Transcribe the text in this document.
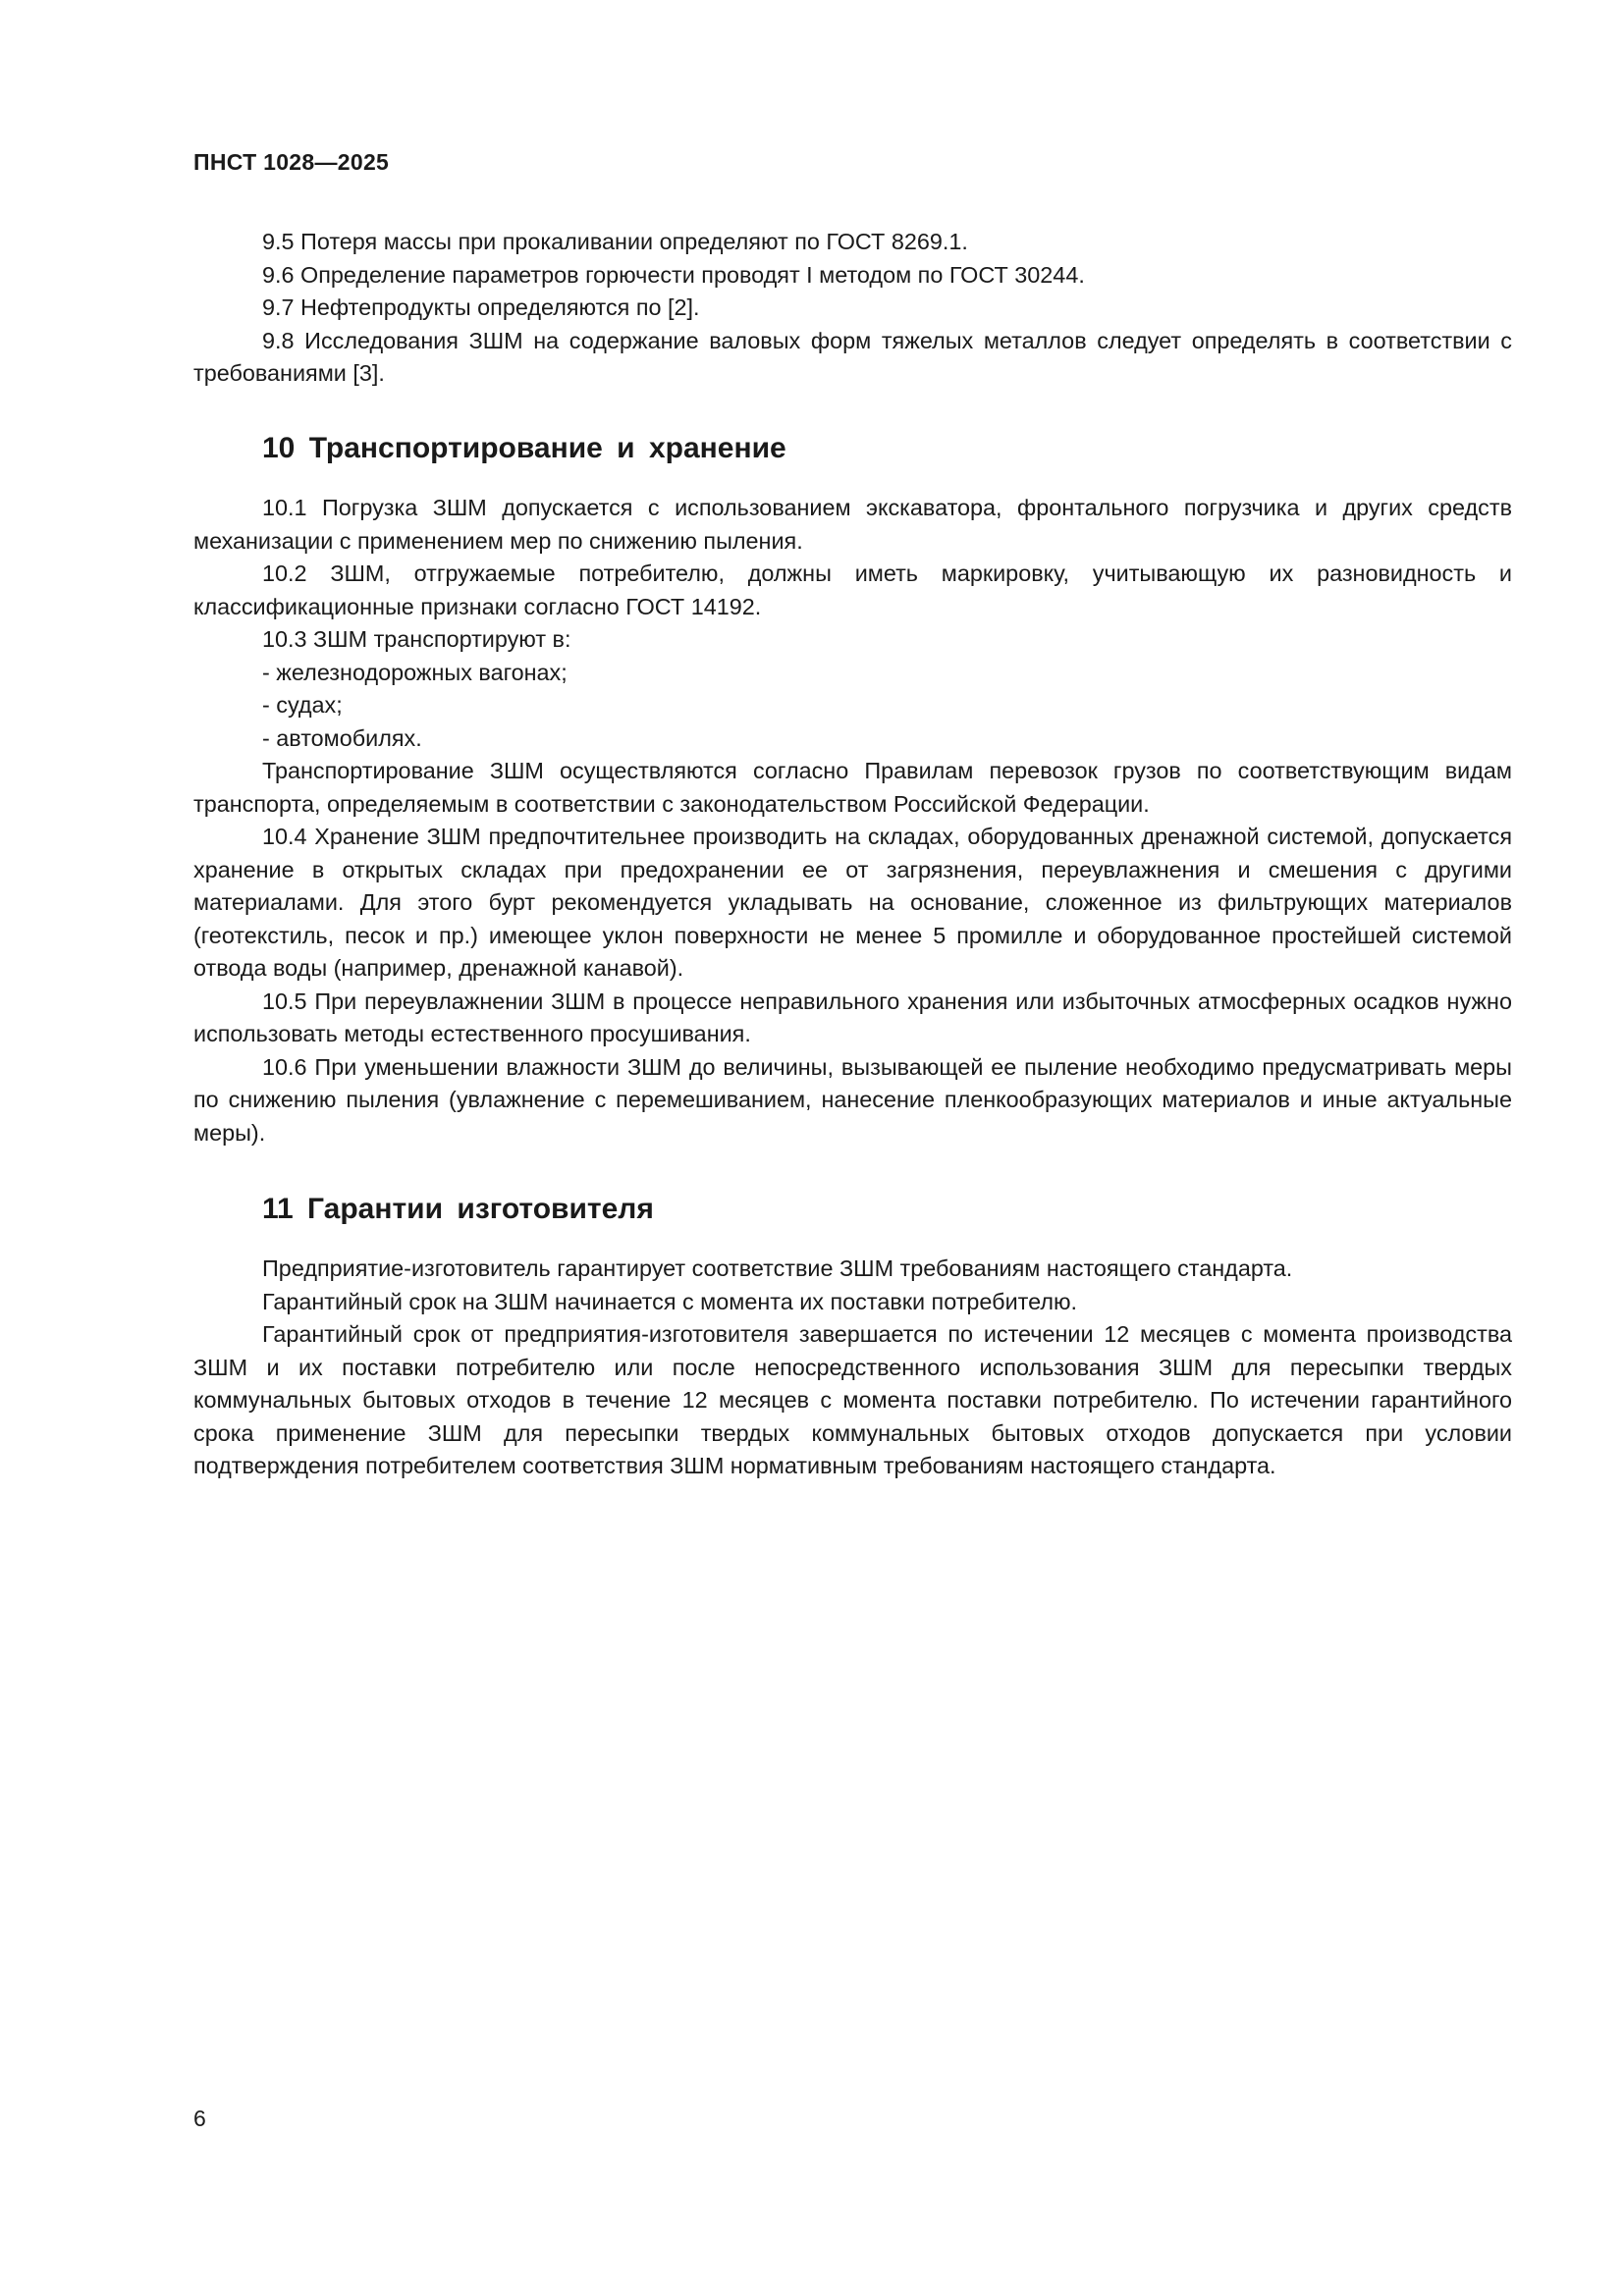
ПНСТ 1028—2025

9.5 Потеря массы при прокаливании определяют по ГОСТ 8269.1.

9.6 Определение параметров горючести проводят I методом по ГОСТ 30244.

9.7 Нефтепродукты определяются по [2].

9.8 Исследования ЗШМ на содержание валовых форм тяжелых металлов следует определять в соответствии с требованиями [3].

10 Транспортирование и хранение

10.1 Погрузка ЗШМ допускается с использованием экскаватора, фронтального погрузчика и других средств механизации с применением мер по снижению пыления.

10.2 ЗШМ, отгружаемые потребителю, должны иметь маркировку, учитывающую их разновидность и классификационные признаки согласно ГОСТ 14192.

10.3 ЗШМ транспортируют в:

- железнодорожных вагонах;

- судах;

- автомобилях.

Транспортирование ЗШМ осуществляются согласно Правилам перевозок грузов по соответствующим видам транспорта, определяемым в соответствии с законодательством Российской Федерации.

10.4 Хранение ЗШМ предпочтительнее производить на складах, оборудованных дренажной системой, допускается хранение в открытых складах при предохранении ее от загрязнения, переувлажнения и смешения с другими материалами. Для этого бурт рекомендуется укладывать на основание, сложенное из фильтрующих материалов (геотекстиль, песок и пр.) имеющее уклон поверхности не менее 5 промилле и оборудованное простейшей системой отвода воды (например, дренажной канавой).

10.5 При переувлажнении ЗШМ в процессе неправильного хранения или избыточных атмосферных осадков нужно использовать методы естественного просушивания.

10.6 При уменьшении влажности ЗШМ до величины, вызывающей ее пыление необходимо предусматривать меры по снижению пыления (увлажнение с перемешиванием, нанесение пленкообразующих материалов и иные актуальные меры).

11 Гарантии изготовителя

Предприятие-изготовитель гарантирует соответствие ЗШМ требованиям настоящего стандарта.

Гарантийный срок на ЗШМ начинается с момента их поставки потребителю.

Гарантийный срок от предприятия-изготовителя завершается по истечении 12 месяцев с момента производства ЗШМ и их поставки потребителю или после непосредственного использования ЗШМ для пересыпки твердых коммунальных бытовых отходов в течение 12 месяцев с момента поставки потребителю. По истечении гарантийного срока применение ЗШМ для пересыпки твердых коммунальных бытовых отходов допускается при условии подтверждения потребителем соответствия ЗШМ нормативным требованиям настоящего стандарта.

6
